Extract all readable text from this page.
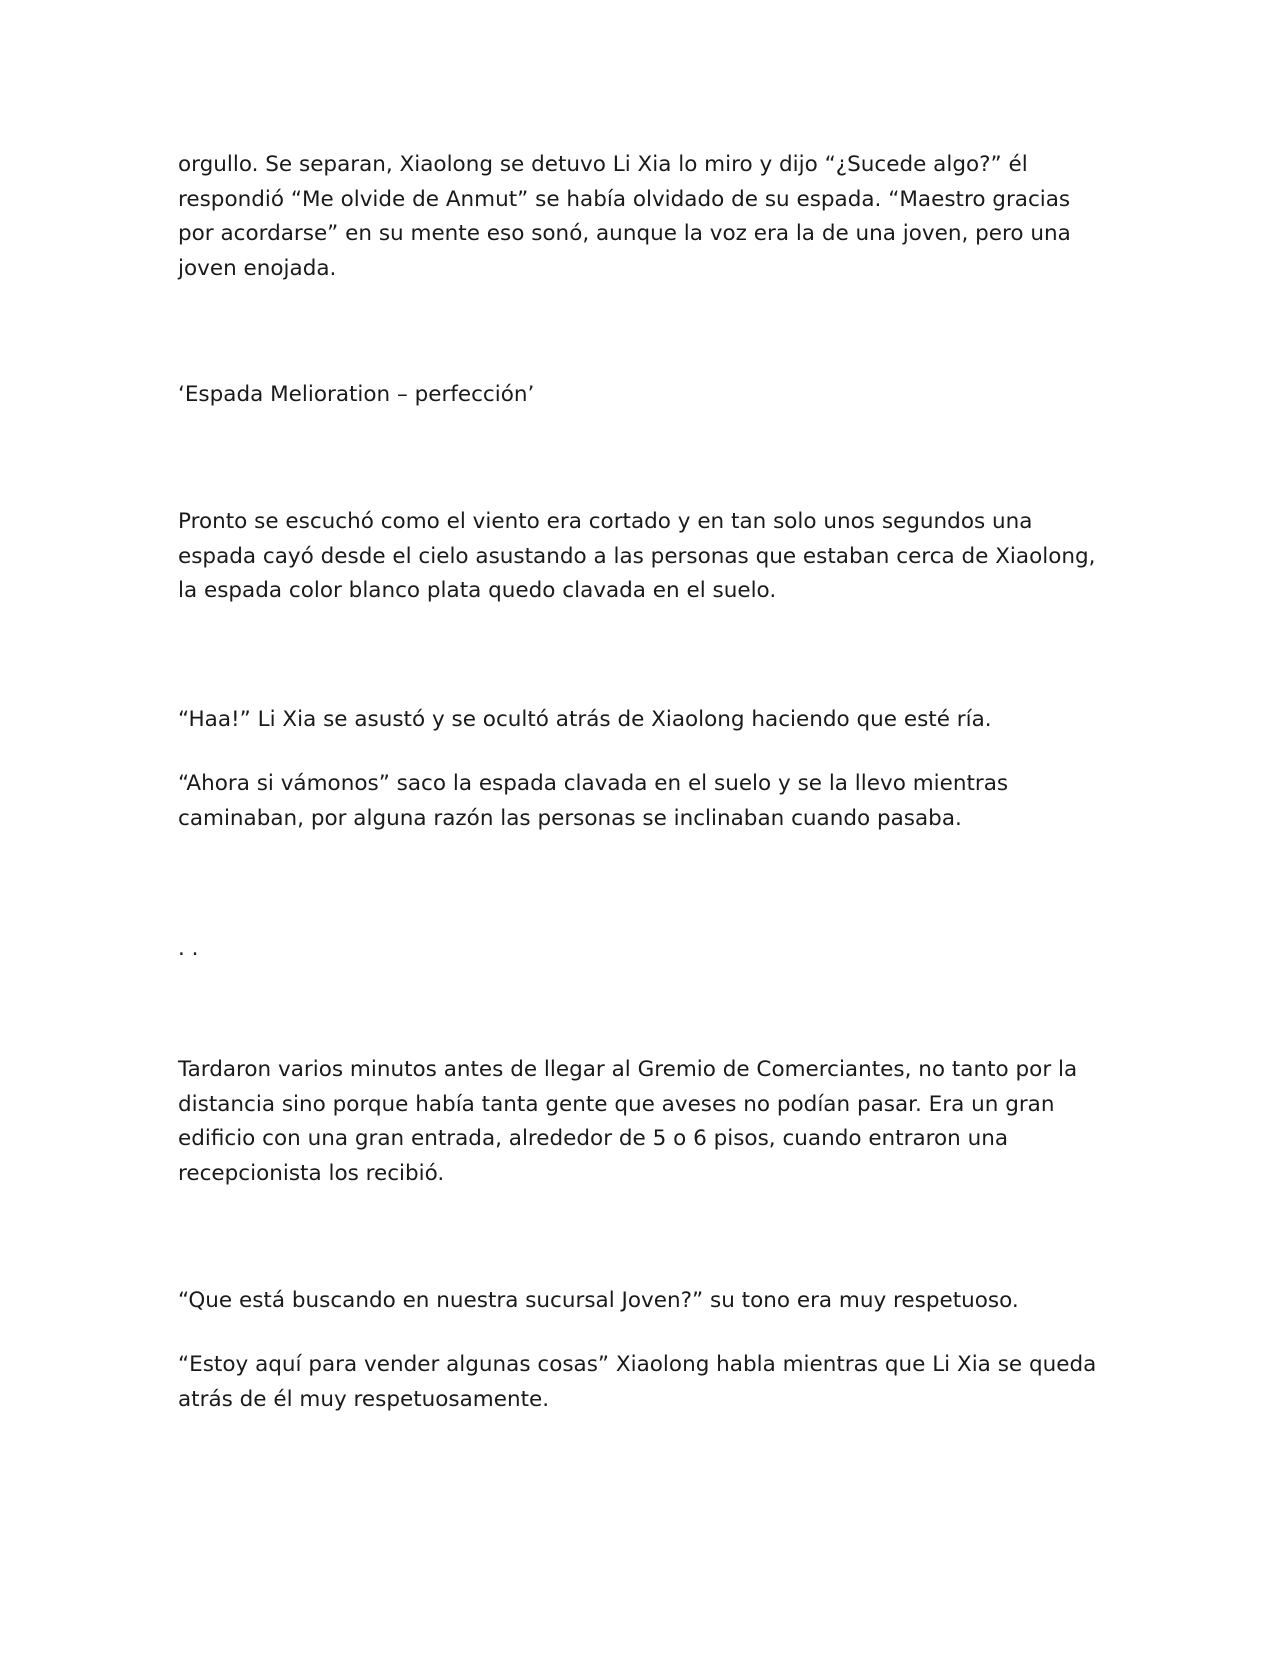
orgullo. Se separan, Xiaolong se detuvo Li Xia lo miro y dijo “¿Sucede algo?” él respondió “Me olvide de Anmut” se había olvidado de su espada. “Maestro gracias por acordarse” en su mente eso sonó, aunque la voz era la de una joven, pero una joven enojada.

‘Espada Melioration – perfección’

Pronto se escuchó como el viento era cortado y en tan solo unos segundos una espada cayó desde el cielo asustando a las personas que estaban cerca de Xiaolong, la espada color blanco plata quedo clavada en el suelo.

“Haa!” Li Xia se asustó y se ocultó atrás de Xiaolong haciendo que esté ría.

“Ahora si vámonos” saco la espada clavada en el suelo y se la llevo mientras caminaban, por alguna razón las personas se inclinaban cuando pasaba.

. .

Tardaron varios minutos antes de llegar al Gremio de Comerciantes, no tanto por la distancia sino porque había tanta gente que aveses no podían pasar. Era un gran edificio con una gran entrada, alrededor de 5 o 6 pisos, cuando entraron una recepcionista los recibió.

“Que está buscando en nuestra sucursal Joven?” su tono era muy respetuoso.

“Estoy aquí para vender algunas cosas” Xiaolong habla mientras que Li Xia se queda atrás de él muy respetuosamente.
